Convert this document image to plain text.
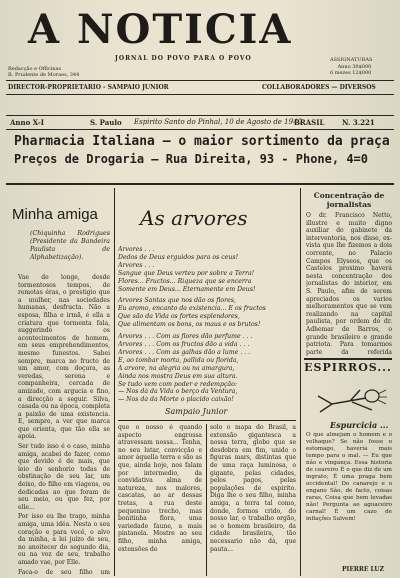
A NOTICIA
JORNAL DO POVO PARA O POVO	ASSIGNATURAS
Redacção e Officinas
R. Prudente de Moraes, 344
Anno 30$000
6 mezes 12$000
DIRECTOR-PROPRIETARIO - SAMPAIO JUNIOR	COLLABORADORES — DIVERSOS
Anno X-I	S. Paulo Espirito Santo do Pinhal, 10 de Agosto de 1940
BRASIL	N. 3.221
Pharmacia Italiana — o maior sortimento da praça
Preços de Drogaria — Rua Direita, 93 - Phone, 4=0
Minha amiga
(Chiquinha Rodrigues (Presidente da Bandeira Paulista de Alphabetização).

Vae de longe, desde tormentosos tempos, de remotas éras, o prestigio que a mulher, nas sociedades humanas, desfructa. Não a esposa, filha e irmã, é ella a criatura que tormenta fala, suggerindo os acontecimentos de homem, em seus emprehendimentos, mesmo funestos. Sabei sempre, marca no fructo de um amor, com doçura, as veredas, serena e companheira, cercada de amizade, com argucia e fino, a direcção a seguir. Silva, casada ou na época, completa a paixão de uma existencia. E, sempre, a ver que marca que orienta, que tão ella se apoia.

Ser tudo isso é o caso, minha amiga, acabei de fazer, como que devido é de mais, que leio do senhorio todas de obstinação de seu lar, um deixo, do filho em viagens, ou dedicadas ao que foram de seu meio, ou que fez, por elle...

Por isso eu lhe trago, minha amiga, uma idéa. Nesta o seu coração e para você, o alvo da minha, a lei juízo de seu, no anoitecer do segundo dia, ou na voz de seu, trabalho amado vae, por Elle.

Faça-o de seu filho um

As arvores
Arvores . . .
Dedos de Deus erguidos para os ceus!
Arvores . . .
Sangue que Deus verteu por sobre a Terra!
Flores... Fructos... Riqueza que se encerra
Somente em Deus... Eternamente em Deus!
Arvores Santas que nos dão os flores,
Eu aromo, encanto da existencia... E os fructos
Que são da Vida os fortes esplendores,
Que alimentam os bons, os maus e os brutos!
Arvores . . . Com as flores dão perfume . . .
Arvores . . . Com os fructos dão a vida . . .
Arvores . . . Com as galhas dão a lume . . .
E, ao tombar morta, pallida ou florida,
A arvore, na alegria ou na amargura,
Ainda nos mostra Deus em sua altura.
Se tudo vem com poder e redempção:
— Nos dá da Vida o berço da Ventura,
— Nos dá da Morte o placido caixão!
Sampaio Junior
que o nosso é quando aspecto engrossa atravessam nossa... Tenha, no seu lutar, convicção e amor áquella terra e são as que, ainda hoje, nos falam por intermedio, da convidativa alma de natureza, nos malores, cascatas, ao ar dessas tretas, a rua deste pequenino trecho, mas bonitinha flora, uma variedade faune, a mais pintanela. Mostre ao seu filho, minha amiga, extensões do
solo o mapa do Brasil, a extensão gigantesca a nossa terra, globo que se desdobra em fim, unido o figuras mars, distintas que de uma raça luminosa, o gigante, pelas cidades, pelos pagos, pelas populações de espirito. Diga lhe o seu filho, minha amiga, a terra tal como, donde, formos crido, do nosso lar, o trabalho orgão, se o homem brasileiro, da cidade brasileira, tão necessario não dá, que pauta...
Concentração de jornalistas
O dr. Francisco Netto, illustre e muito digno auxiliar do gabinete da interventoria, nos disse, ex-vista que lhe fizemos a dois corrente, no Palacio Campos Elyseos, que os Castelos proximo haverá nesta concentração dos jornalistas do interior, em S. Paulo, afim de serem apreciados os varios melhoramentos que se vem realizando na capital paulista, por ordem do dr. Adhemar de Barros, o grande brasileiro e grande patriota. Para tomarmos parte da referida
ESPIRROS...
Espurcicia ...
O que almejam o homem e o velhaque? Se não fosse o estomago, haveria mais tempo para o mal. — Eu que não e vingança. Essa historia de ceareiro É o que diz de um ingrato; É uma praga bem occidental! Do canarejo e o engano São, de facto, coisas raras, Coisa que bem levadas não! Pergunta ao aguaceiro carnal! É um cazo de inflações Salvem!
PIERRE LUZ
